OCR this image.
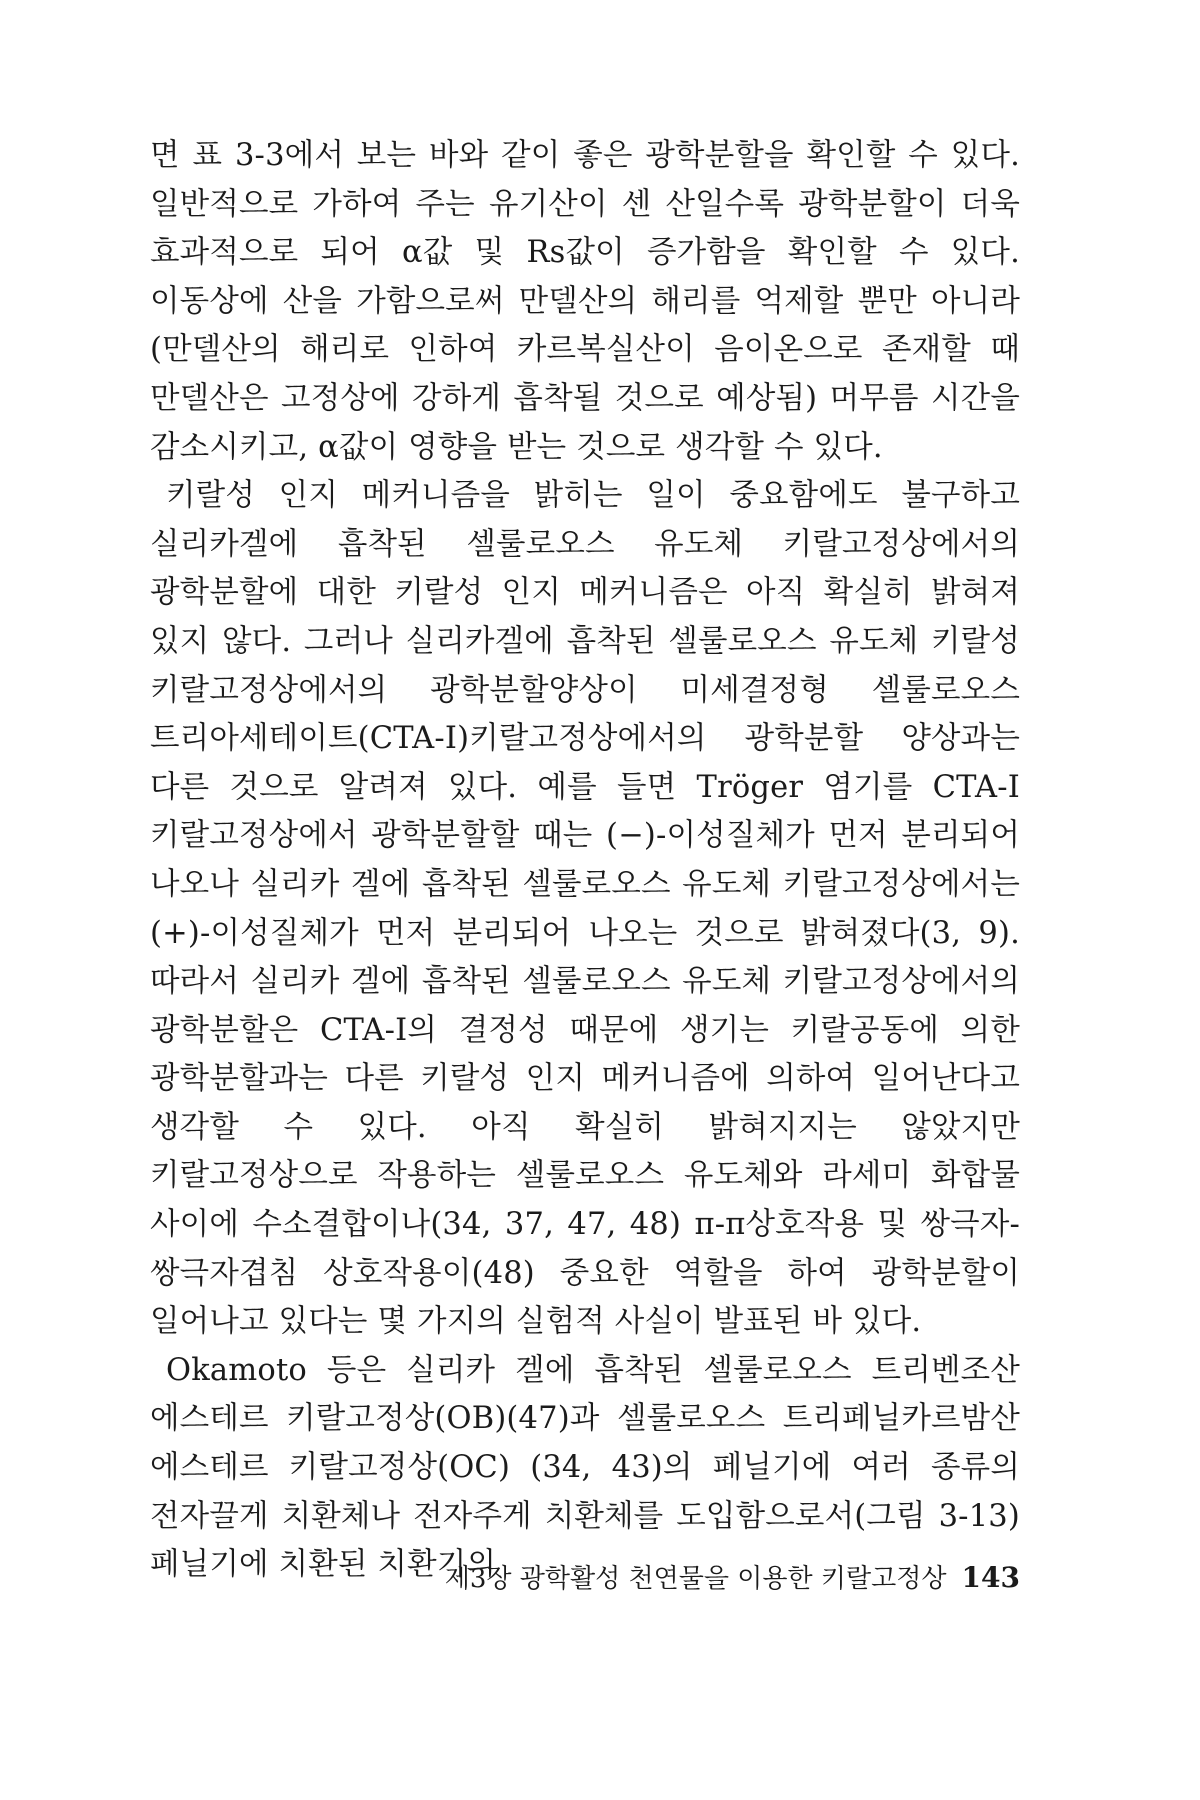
면 표 3-3에서 보는 바와 같이 좋은 광학분할을 확인할 수 있다. 일반적으로 가하여 주는 유기산이 센 산일수록 광학분할이 더욱 효과적으로 되어 α값 및 Rs값이 증가함을 확인할 수 있다. 이동상에 산을 가함으로써 만델산의 해리를 억제할 뿐만 아니라(만델산의 해리로 인하여 카르복실산이 음이온으로 존재할 때 만델산은 고정상에 강하게 흡착될 것으로 예상됨) 머무름 시간을 감소시키고, α값이 영향을 받는 것으로 생각할 수 있다.

키랄성 인지 메커니즘을 밝히는 일이 중요함에도 불구하고 실리카겔에 흡착된 셀룰로오스 유도체 키랄고정상에서의 광학분할에 대한 키랄성 인지 메커니즘은 아직 확실히 밝혀져 있지 않다. 그러나 실리카겔에 흡착된 셀룰로오스 유도체 키랄성 키랄고정상에서의 광학분할양상이 미세결정형 셀룰로오스 트리아세테이트(CTA-I)키랄고정상에서의 광학분할 양상과는 다른 것으로 알려져 있다. 예를 들면 Tröger 염기를 CTA-I 키랄고정상에서 광학분할할 때는 (−)-이성질체가 먼저 분리되어 나오나 실리카 겔에 흡착된 셀룰로오스 유도체 키랄고정상에서는 (+)-이성질체가 먼저 분리되어 나오는 것으로 밝혀졌다(3, 9). 따라서 실리카 겔에 흡착된 셀룰로오스 유도체 키랄고정상에서의 광학분할은 CTA-I의 결정성 때문에 생기는 키랄공동에 의한 광학분할과는 다른 키랄성 인지 메커니즘에 의하여 일어난다고 생각할 수 있다. 아직 확실히 밝혀지지는 않았지만 키랄고정상으로 작용하는 셀룰로오스 유도체와 라세미 화합물 사이에 수소결합이나(34, 37, 47, 48) π-π상호작용 및 쌍극자-쌍극자겹침 상호작용이(48) 중요한 역할을 하여 광학분할이 일어나고 있다는 몇 가지의 실험적 사실이 발표된 바 있다.

Okamoto 등은 실리카 겔에 흡착된 셀룰로오스 트리벤조산 에스테르 키랄고정상(OB)(47)과 셀룰로오스 트리페닐카르밤산 에스테르 키랄고정상(OC) (34, 43)의 페닐기에 여러 종류의 전자끌게 치환체나 전자주게 치환체를 도입함으로서(그림 3-13) 페닐기에 치환된 치환기의

제3장 광학활성 천연물을 이용한 키랄고정상 143
